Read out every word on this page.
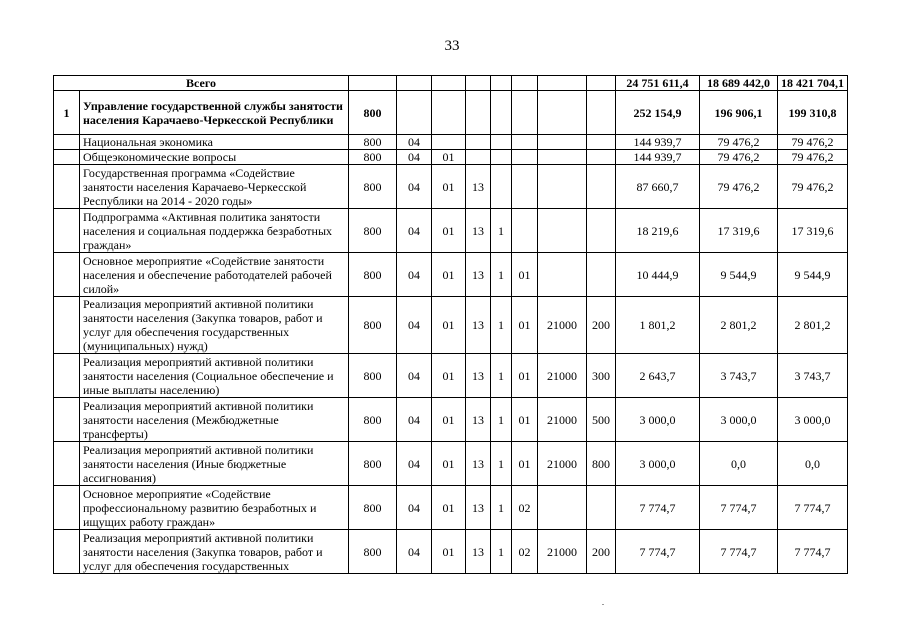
33
Всего										24 751 611,4	18 689 442,0	18 421 704,1
1	Управление государственной службы занятости населения Карачаево-Черкесской Республики	800								252 154,9	196 906,1	199 310,8
	Национальная экономика	800	04							144 939,7	79 476,2	79 476,2
	Общеэкономические вопросы	800	04	01						144 939,7	79 476,2	79 476,2
	Государственная программа «Содействие занятости населения Карачаево-Черкесской Республики на 2014 - 2020 годы»	800	04	01	13					87 660,7	79 476,2	79 476,2
	Подпрограмма «Активная политика занятости населения и социальная поддержка безработных граждан»	800	04	01	13	1				18 219,6	17 319,6	17 319,6
	Основное мероприятие «Содействие занятости населения и обеспечение работодателей рабочей силой»	800	04	01	13	1	01			10 444,9	9 544,9	9 544,9
	Реализация мероприятий активной политики занятости населения (Закупка товаров, работ и услуг для обеспечения государственных (муниципальных) нужд)	800	04	01	13	1	01	21000	200	1 801,2	2 801,2	2 801,2
	Реализация мероприятий активной политики занятости населения (Социальное обеспечение и иные выплаты населению)	800	04	01	13	1	01	21000	300	2 643,7	3 743,7	3 743,7
	Реализация мероприятий активной политики занятости населения (Межбюджетные трансферты)	800	04	01	13	1	01	21000	500	3 000,0	3 000,0	3 000,0
	Реализация мероприятий активной политики занятости населения (Иные бюджетные ассигнования)	800	04	01	13	1	01	21000	800	3 000,0	0,0	0,0
	Основное мероприятие «Содействие профессиональному развитию безработных и ищущих работу граждан»	800	04	01	13	1	02			7 774,7	7 774,7	7 774,7
	Реализация мероприятий активной политики занятости населения (Закупка товаров, работ и услуг для обеспечения государственных	800	04	01	13	1	02	21000	200	7 774,7	7 774,7	7 774,7
